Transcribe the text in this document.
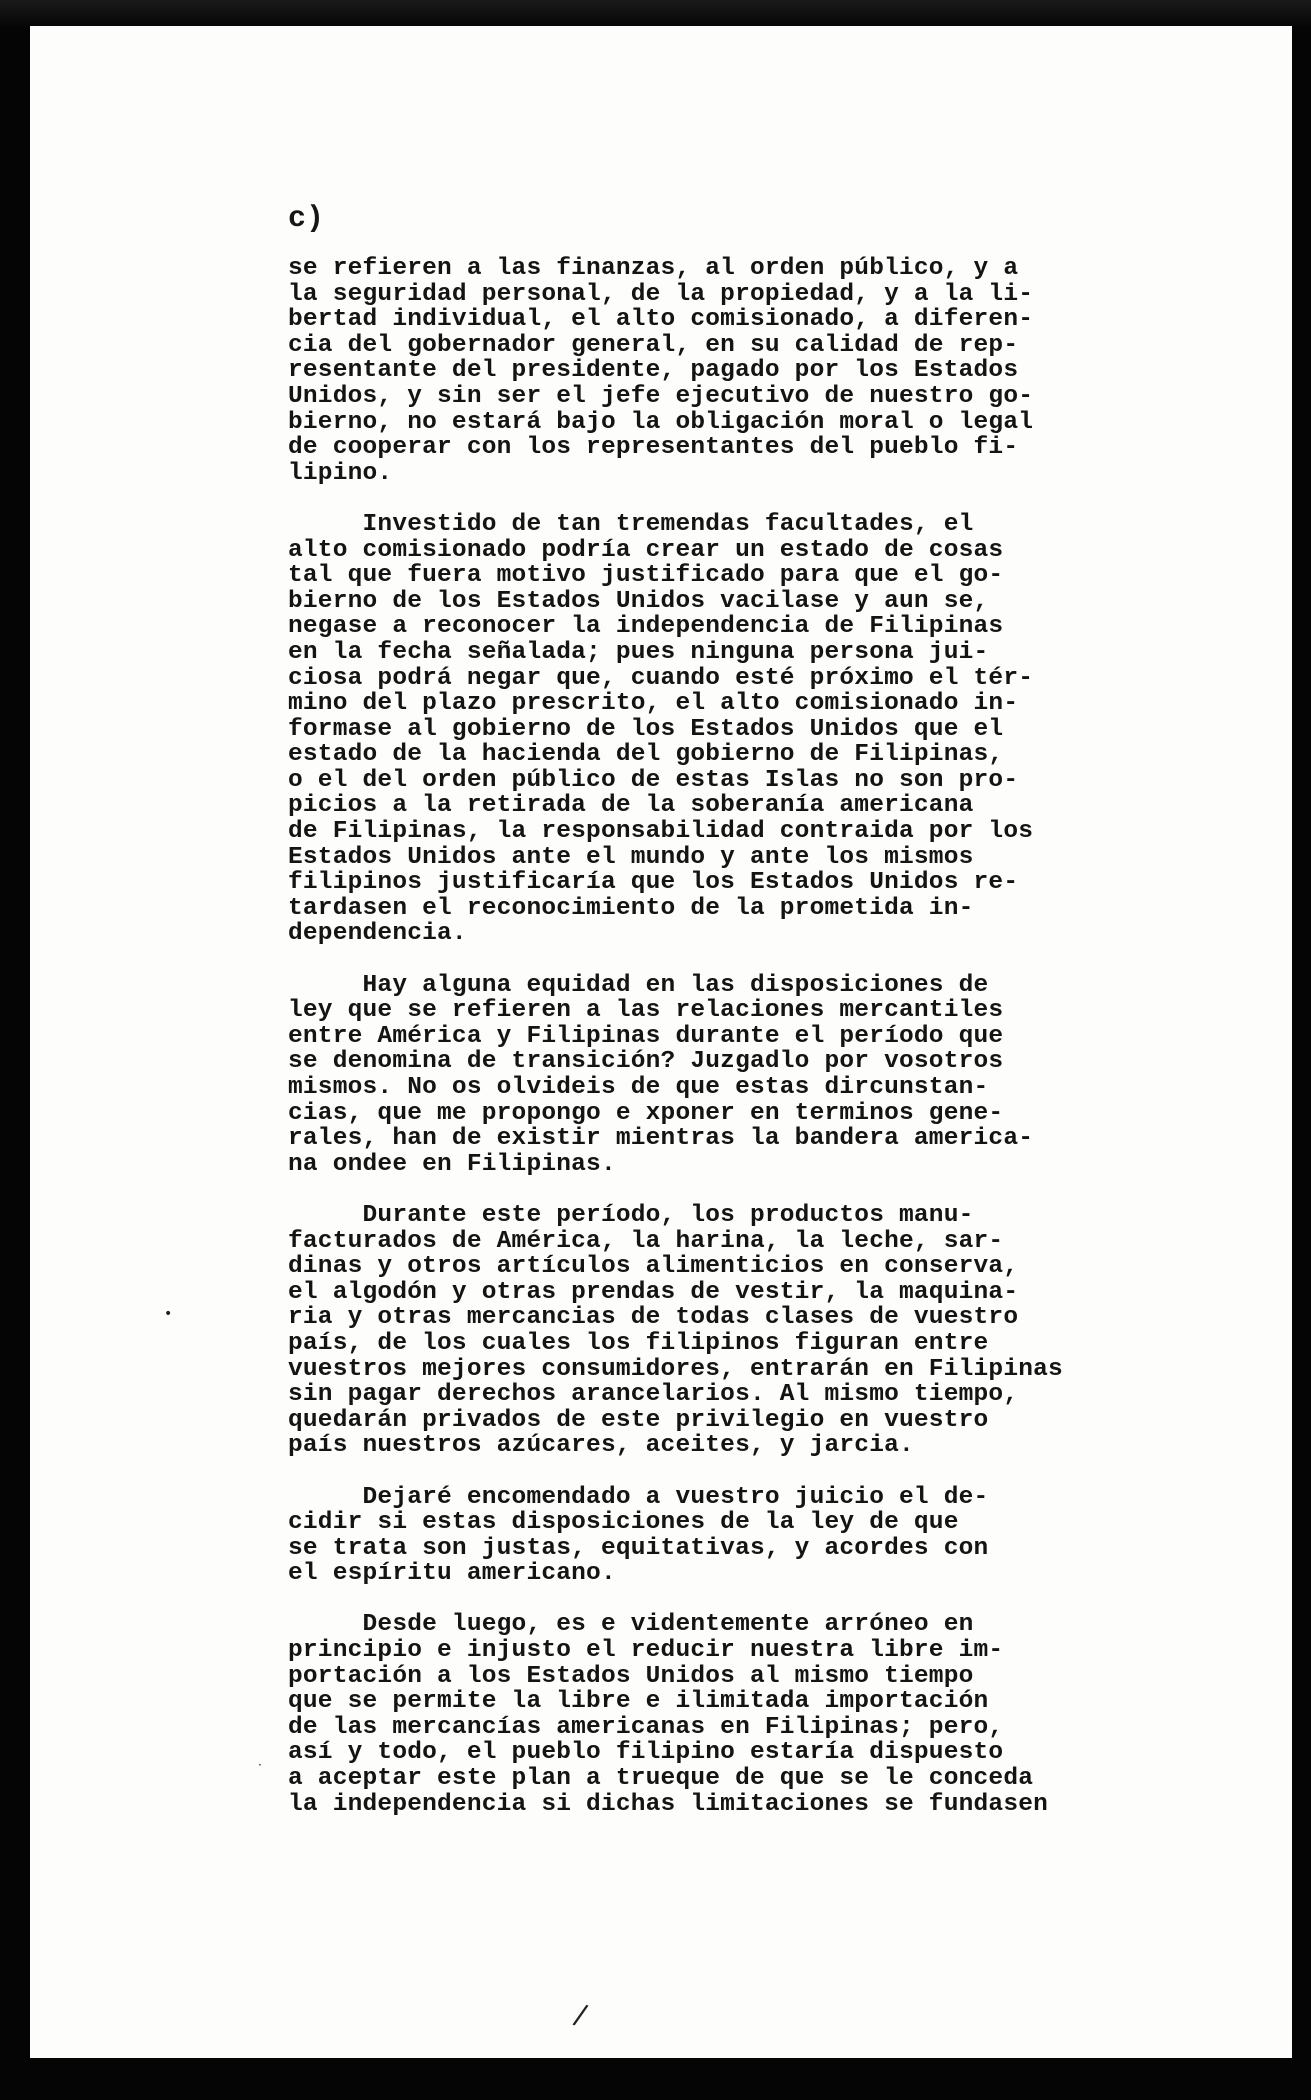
c)
se refieren a las finanzas, al orden público, y a
la seguridad personal, de la propiedad, y a la li-
bertad individual, el alto comisionado, a diferen-
cia del gobernador general, en su calidad de rep-
resentante del presidente, pagado por los Estados
Unidos, y sin ser el jefe ejecutivo de nuestro go-
bierno, no estará bajo la obligación moral o legal
de cooperar con los representantes del pueblo fi-
lipino.
Investido de tan tremendas facultades, el
alto comisionado podría crear un estado de cosas
tal que fuera motivo justificado para que el go-
bierno de los Estados Unidos vacilase y aun se,
negase a reconocer la independencia de Filipinas
en la fecha señalada; pues ninguna persona jui-
ciosa podrá negar que, cuando esté próximo el tér-
mino del plazo prescrito, el alto comisionado in-
formase al gobierno de los Estados Unidos que el
estado de la hacienda del gobierno de Filipinas,
o el del orden público de estas Islas no son pro-
picios a la retirada de la soberanía americana
de Filipinas, la responsabilidad contraida por los
Estados Unidos ante el mundo y ante los mismos
filipinos justificaría que los Estados Unidos re-
tardasen el reconocimiento de la prometida in-
dependencia.
Hay alguna equidad en las disposiciones de
ley que se refieren a las relaciones mercantiles
entre América y Filipinas durante el período que
se denomina de transición? Juzgadlo por vosotros
mismos. No os olvideis de que estas dircunstan-
cias, que me propongo e xponer en terminos gene-
rales, han de existir mientras la bandera america-
na ondee en Filipinas.
Durante este período, los productos manu-
facturados de América, la harina, la leche, sar-
dinas y otros artículos alimenticios en conserva,
el algodón y otras prendas de vestir, la maquina-
ria y otras mercancias de todas clases de vuestro
país, de los cuales los filipinos figuran entre
vuestros mejores consumidores, entrarán en Filipinas
sin pagar derechos arancelarios. Al mismo tiempo,
quedarán privados de este privilegio en vuestro
país nuestros azúcares, aceites, y jarcia.
Dejaré encomendado a vuestro juicio el de-
cidir si estas disposiciones de la ley de que
se trata son justas, equitativas, y acordes con
el espíritu americano.
Desde luego, es e videntemente arróneo en
principio e injusto el reducir nuestra libre im-
portación a los Estados Unidos al mismo tiempo
que se permite la libre e ilimitada importación
de las mercancías americanas en Filipinas; pero,
así y todo, el pueblo filipino estaría dispuesto
a aceptar este plan a trueque de que se le conceda
la independencia si dichas limitaciones se fundasen
/
•
·
